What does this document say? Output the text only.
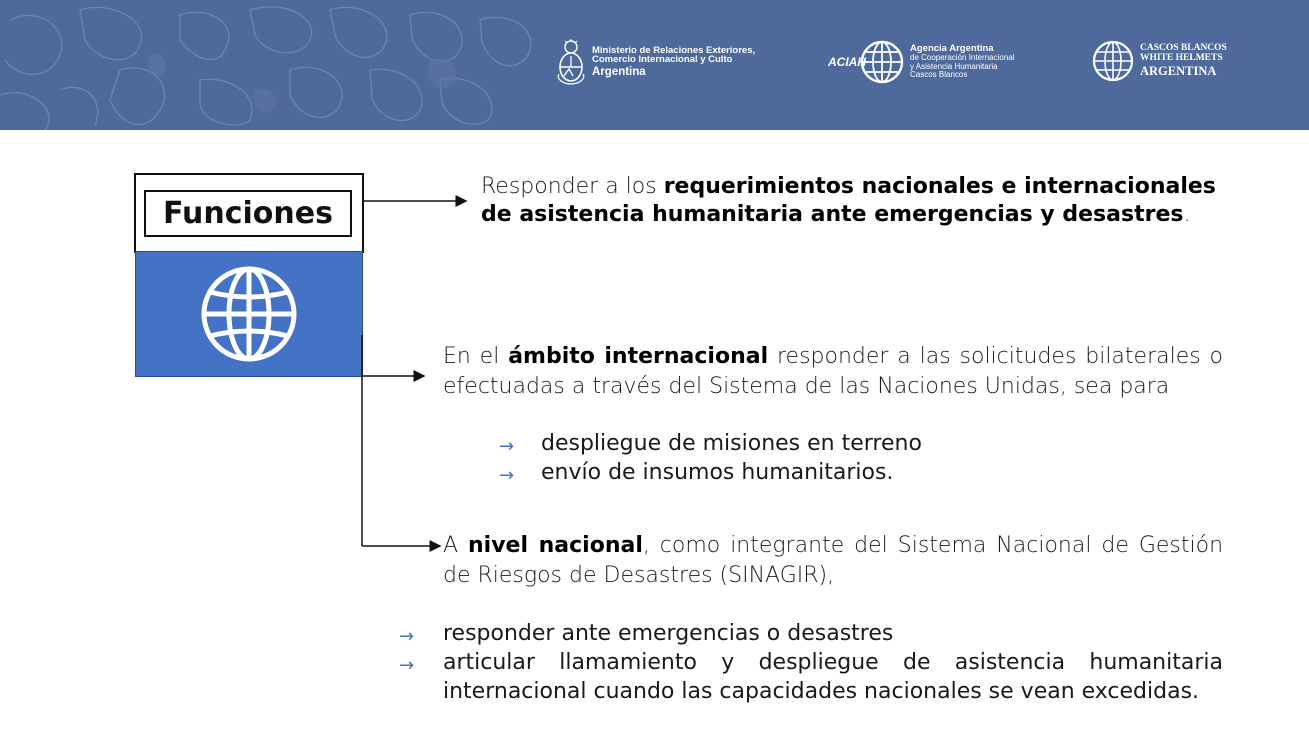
Ministerio de Relaciones Exteriores,
Comercio Internacional y Culto
Argentina
ACIAH
Agencia Argentina
de Cooperación Internacional
y Asistencia Humanitaria
Cascos Blancos
CASCOS BLANCOS
WHITE HELMETS
ARGENTINA
Funciones
Responder a los requerimientos nacionales e internacionales de asistencia humanitaria ante emergencias y desastres.
En el ámbito internacional responder a las solicitudes bilaterales o efectuadas a través del Sistema de las Naciones Unidas, sea para
→ despliegue de misiones en terreno
→ envío de insumos humanitarios.
A nivel nacional, como integrante del Sistema Nacional de Gestión de Riesgos de Desastres (SINAGIR),
→ responder ante emergencias o desastres
→ articular llamamiento y despliegue de asistencia humanitaria internacional cuando las capacidades nacionales se vean excedidas.
